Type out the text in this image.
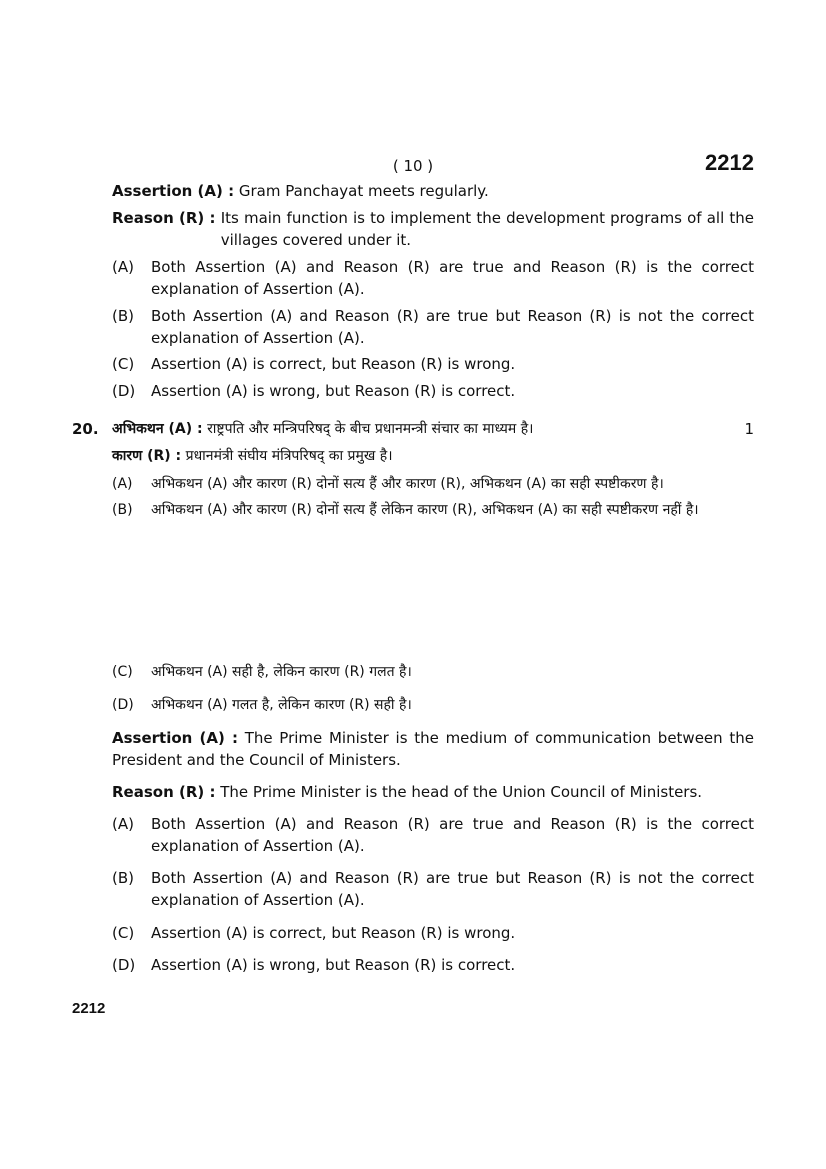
( 10 )	2212
Assertion (A) : Gram Panchayat meets regularly.
Reason (R) :
Its main function is to implement the development programs of all the villages covered under it.
(A)	Both Assertion (A) and Reason (R) are true and Reason (R) is the correct explanation of Assertion (A).
(B)	Both Assertion (A) and Reason (R) are true but Reason (R) is not the correct explanation of Assertion (A).
(C)	Assertion (A) is correct, but Reason (R) is wrong.
(D)	Assertion (A) is wrong, but Reason (R) is correct.
20.	1
अभिकथन (A) : राष्ट्रपति और मन्त्रिपरिषद् के बीच प्रधानमन्त्री संचार का माध्यम है।
कारण (R) : प्रधानमंत्री संघीय मंत्रिपरिषद् का प्रमुख है।
(A)	अभिकथन (A) और कारण (R) दोनों सत्य हैं और कारण (R), अभिकथन (A) का सही स्पष्टीकरण है।
(B)	अभिकथन (A) और कारण (R) दोनों सत्य हैं लेकिन कारण (R), अभिकथन (A) का सही स्पष्टीकरण नहीं है।
(C)	अभिकथन (A) सही है, लेकिन कारण (R) गलत है।
(D)	अभिकथन (A) गलत है, लेकिन कारण (R) सही है।
Assertion (A) : The Prime Minister is the medium of communication between the President and the Council of Ministers.
Reason (R) : The Prime Minister is the head of the Union Council of Ministers.
(A)	Both Assertion (A) and Reason (R) are true and Reason (R) is the correct explanation of Assertion (A).
(B)	Both Assertion (A) and Reason (R) are true but Reason (R) is not the correct explanation of Assertion (A).
(C)	Assertion (A) is correct, but Reason (R) is wrong.
(D)	Assertion (A) is wrong, but Reason (R) is correct.
2212
